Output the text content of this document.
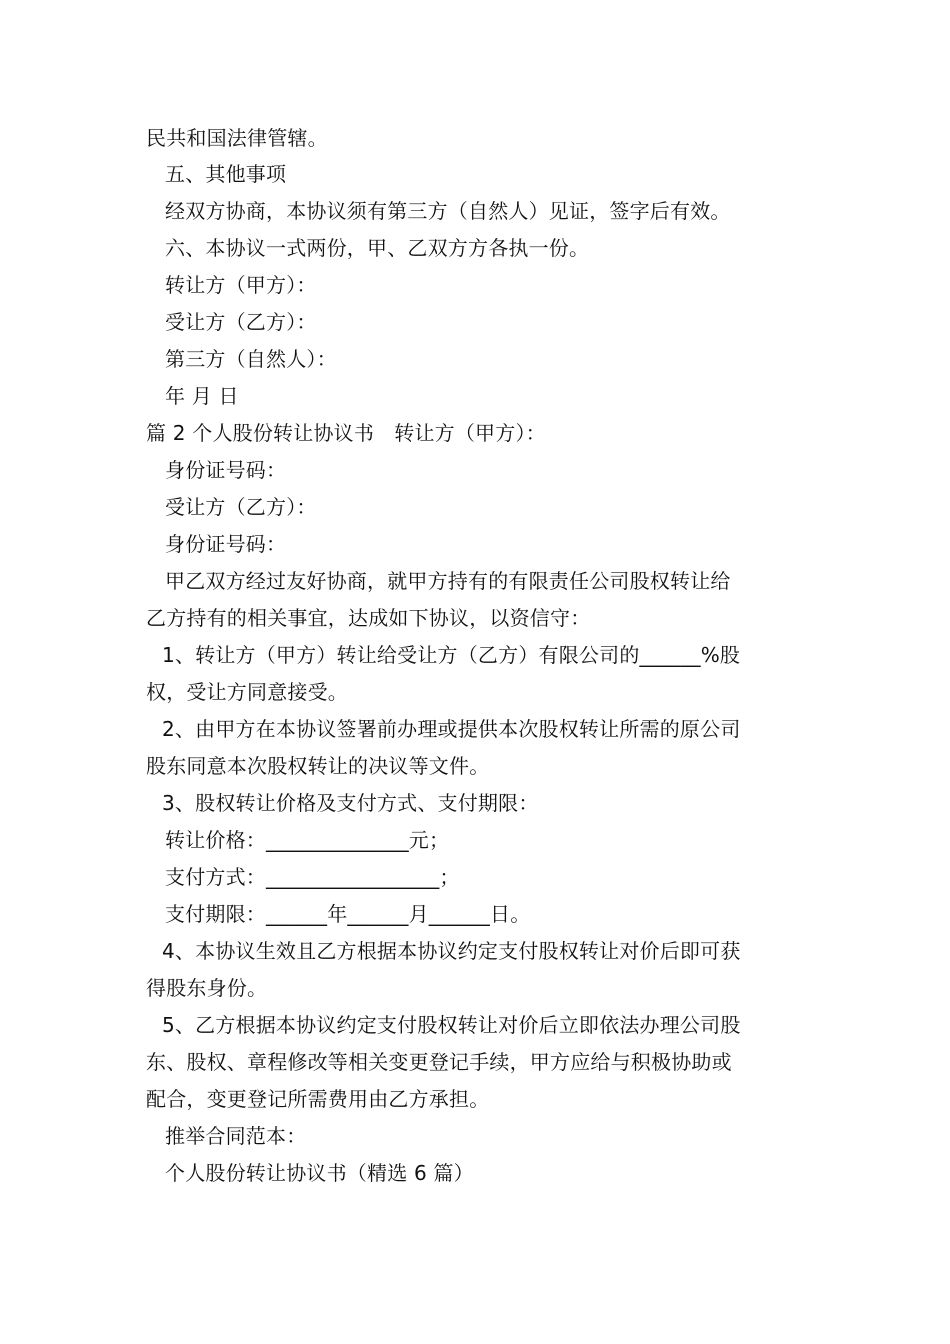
民共和国法律管辖。
五、其他事项
经双方协商，本协议须有第三方（自然人）见证，签字后有效。
六、本协议一式两份，甲、乙双方方各执一份。
转让方（甲方）：
受让方（乙方）：
第三方（自然人）：
年 月 日
篇 2 个人股份转让协议书　转让方（甲方）：
身份证号码：
受让方（乙方）：
身份证号码：
甲乙双方经过友好协商，就甲方持有的有限责任公司股权转让给
乙方持有的相关事宜，达成如下协议，以资信守：
1、转让方（甲方）转让给受让方（乙方）有限公司的______%股
权，受让方同意接受。
2、由甲方在本协议签署前办理或提供本次股权转让所需的原公司
股东同意本次股权转让的决议等文件。
3、股权转让价格及支付方式、支付期限：
转让价格：______________元；
支付方式：_________________；
支付期限：______年______月______日。
4、本协议生效且乙方根据本协议约定支付股权转让对价后即可获
得股东身份。
5、乙方根据本协议约定支付股权转让对价后立即依法办理公司股
东、股权、章程修改等相关变更登记手续，甲方应给与积极协助或
配合，变更登记所需费用由乙方承担。
推举合同范本：
个人股份转让协议书（精选 6 篇）
